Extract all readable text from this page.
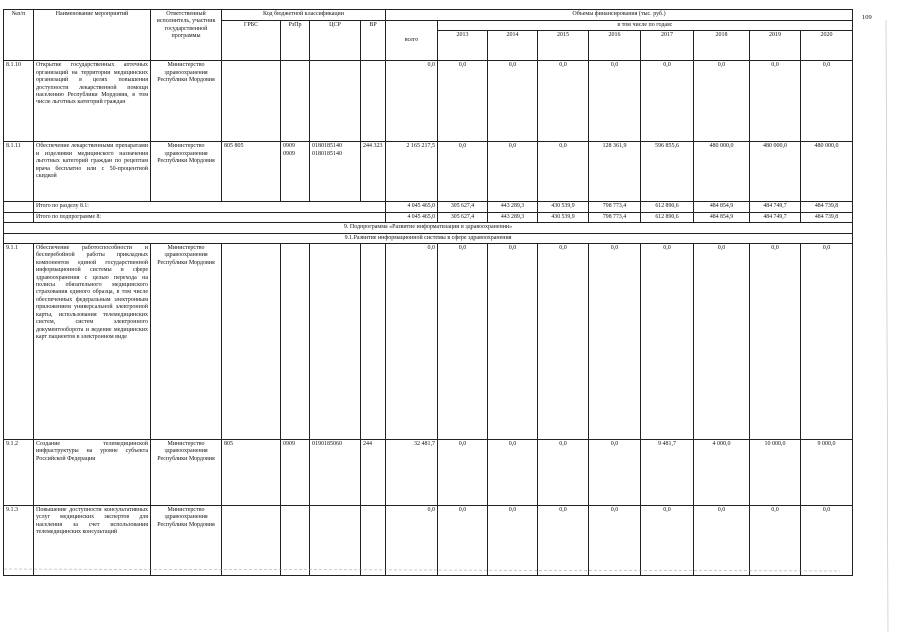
109
№п/п	Наименование мероприятий	Ответственный исполнитель, участник государственной программы	Код бюджетной классификации				Объемы финансирования (тыс. руб.)								
			ГРБС	РзПр	ЦСР	ВР	всего	в том числе по годам:							
								2013	2014	2015	2016	2017	2018	2019	2020
8.1.10	Открытие государственных аптечных организаций на территории медицинских организаций в целях повышения доступности лекарственной помощи населению Республики Мордовия, в том числе льготных категорий граждан	Министерство здравоохранения Республики Мордовия					0,0	0,0	0,0	0,0	0,0	0,0	0,0	0,0	0,0
8.1.11	Обеспечение лекарственными препаратами и изделиями медицинского назначения льготных категорий граждан по рецептам врача бесплатно или с 50-процентной скидкой	Министерство здравоохранения Республики Мордовия	805 805	0909 0909	0180185140 0180185140	244 323	2 165 217,5	0,0	0,0	0,0	128 361,9	596 855,6	480 000,0	480 000,0	480 000,0
	Итого по разделу 8.1:						4 045 465,0	305 627,4	443 289,3	430 539,9	798 773,4	612 890,6	484 854,9	484 749,7	484 739,8
	Итого по подпрограмме 8:						4 045 465,0	305 627,4	443 289,3	430 539,9	798 773,4	612 890,6	484 854,9	484 749,7	484 739,8
9. Подпрограмма «Развитие информатизации в здравоохранении»															
9.1.Развитие информационной системы в сфере здравоохранения															
9.1.1	Обеспечение работоспособности и бесперебойной работы прикладных компонентов единой государственной информационной системы в сфере здравоохранения с целью перехода на полисы обязательного медицинского страхования единого образца, в том числе обеспеченных федеральным электронным приложением универсальной электронной карты, использования телемедицинских систем, систем электронного документооборота и ведение медицинских карт пациентов в электронном виде	Министерство здравоохранения Республики Мордовия					0,0	0,0	0,0	0,0	0,0	0,0	0,0	0,0	0,0
9.1.2	Создание телемедицинской инфраструктуры на уровне субъекта Российской Федерации	Министерство здравоохранения Республики Мордовия	805	0909	0190185060	244	32 481,7	0,0	0,0	0,0	0,0	9 481,7	4 000,0	10 000,0	9 000,0
9.1.3	Повышение доступности консультативных услуг медицинских экспертов для населения за счет использования телемедицинских консультаций	Министерство здравоохранения Республики Мордовия					0,0	0,0	0,0	0,0	0,0	0,0	0,0	0,0	0,0
